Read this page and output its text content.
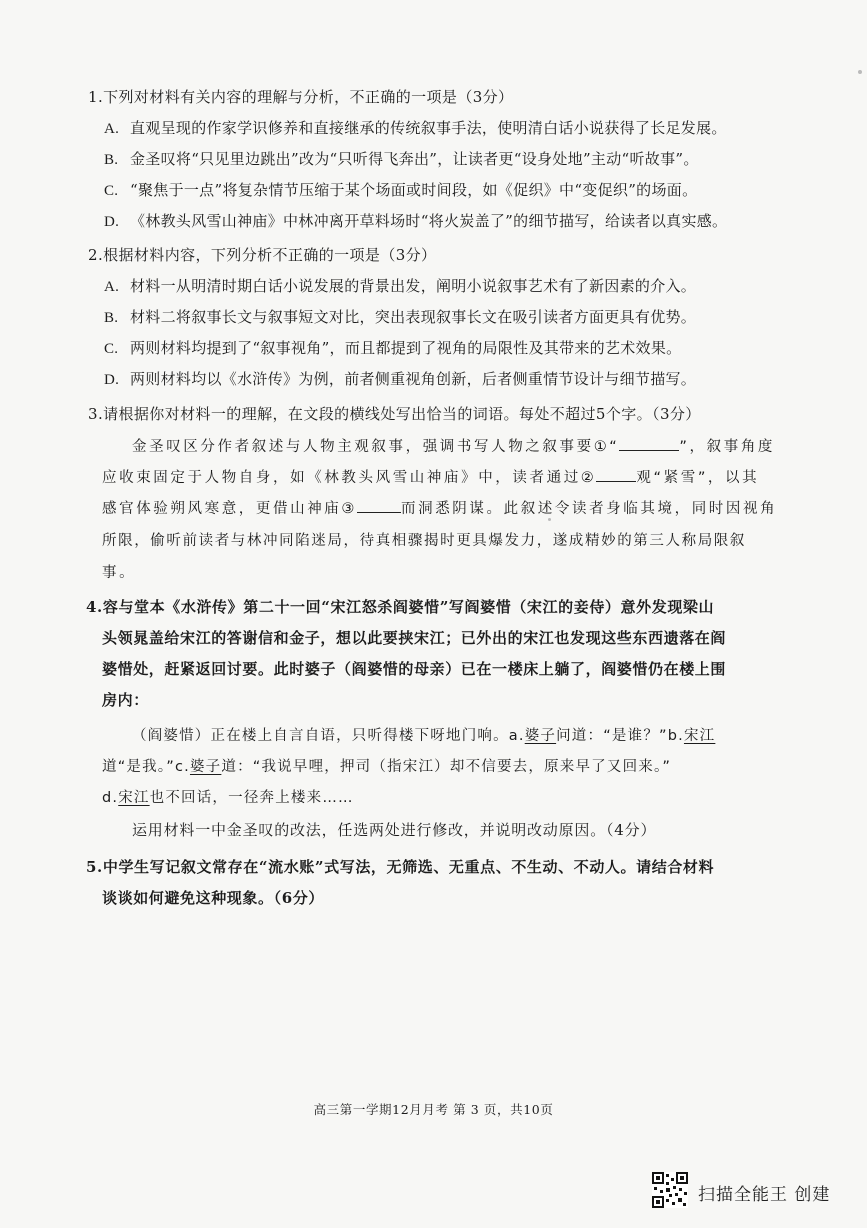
1.下列对材料有关内容的理解与分析，不正确的一项是（3分）
A. 直观呈现的作家学识修养和直接继承的传统叙事手法，使明清白话小说获得了长足发展。
B. 金圣叹将“只见里边跳出”改为“只听得飞奔出”，让读者更“设身处地”主动“听故事”。
C. “聚焦于一点”将复杂情节压缩于某个场面或时间段，如《促织》中“变促织”的场面。
D. 《林教头风雪山神庙》中林冲离开草料场时“将火炭盖了”的细节描写，给读者以真实感。
2.根据材料内容，下列分析不正确的一项是（3分）
A. 材料一从明清时期白话小说发展的背景出发，阐明小说叙事艺术有了新因素的介入。
B. 材料二将叙事长文与叙事短文对比，突出表现叙事长文在吸引读者方面更具有优势。
C. 两则材料均提到了“叙事视角”，而且都提到了视角的局限性及其带来的艺术效果。
D. 两则材料均以《水浒传》为例，前者侧重视角创新，后者侧重情节设计与细节描写。
3.请根据你对材料一的理解，在文段的横线处写出恰当的词语。每处不超过5个字。（3分）
金圣叹区分作者叙述与人物主观叙事，强调书写人物之叙事要①“	”，叙事角度
应收束固定于人物自身，如《林教头风雪山神庙》中，读者通过②	观“紧雪”，以其
感官体验朔风寒意，更借山神庙③	而洞悉阴谋。此叙述令读者身临其境，同时因视角
所限，偷听前读者与林冲同陷迷局，待真相骤揭时更具爆发力，遂成精妙的第三人称局限叙
事。
4.容与堂本《水浒传》第二十一回“宋江怒杀阎婆惜”写阎婆惜（宋江的妾侍）意外发现梁山
头领晁盖给宋江的答谢信和金子，想以此要挟宋江；已外出的宋江也发现这些东西遗落在阎
婆惜处，赶紧返回讨要。此时婆子（阎婆惜的母亲）已在一楼床上躺了，阎婆惜仍在楼上围
房内：
（阎婆惜）正在楼上自言自语，只听得楼下呀地门响。a.婆子问道：“是谁？”b.宋江
道“是我。”c.婆子道：“我说早哩，押司（指宋江）却不信要去，原来早了又回来。”
d.宋江也不回话，一径奔上楼来……
运用材料一中金圣叹的改法，任选两处进行修改，并说明改动原因。（4分）
5.中学生写记叙文常存在“流水账”式写法，无筛选、无重点、不生动、不动人。请结合材料
谈谈如何避免这种现象。（6分）
高三第一学期12月月考 第 3 页，共10页
扫描全能王 创建
